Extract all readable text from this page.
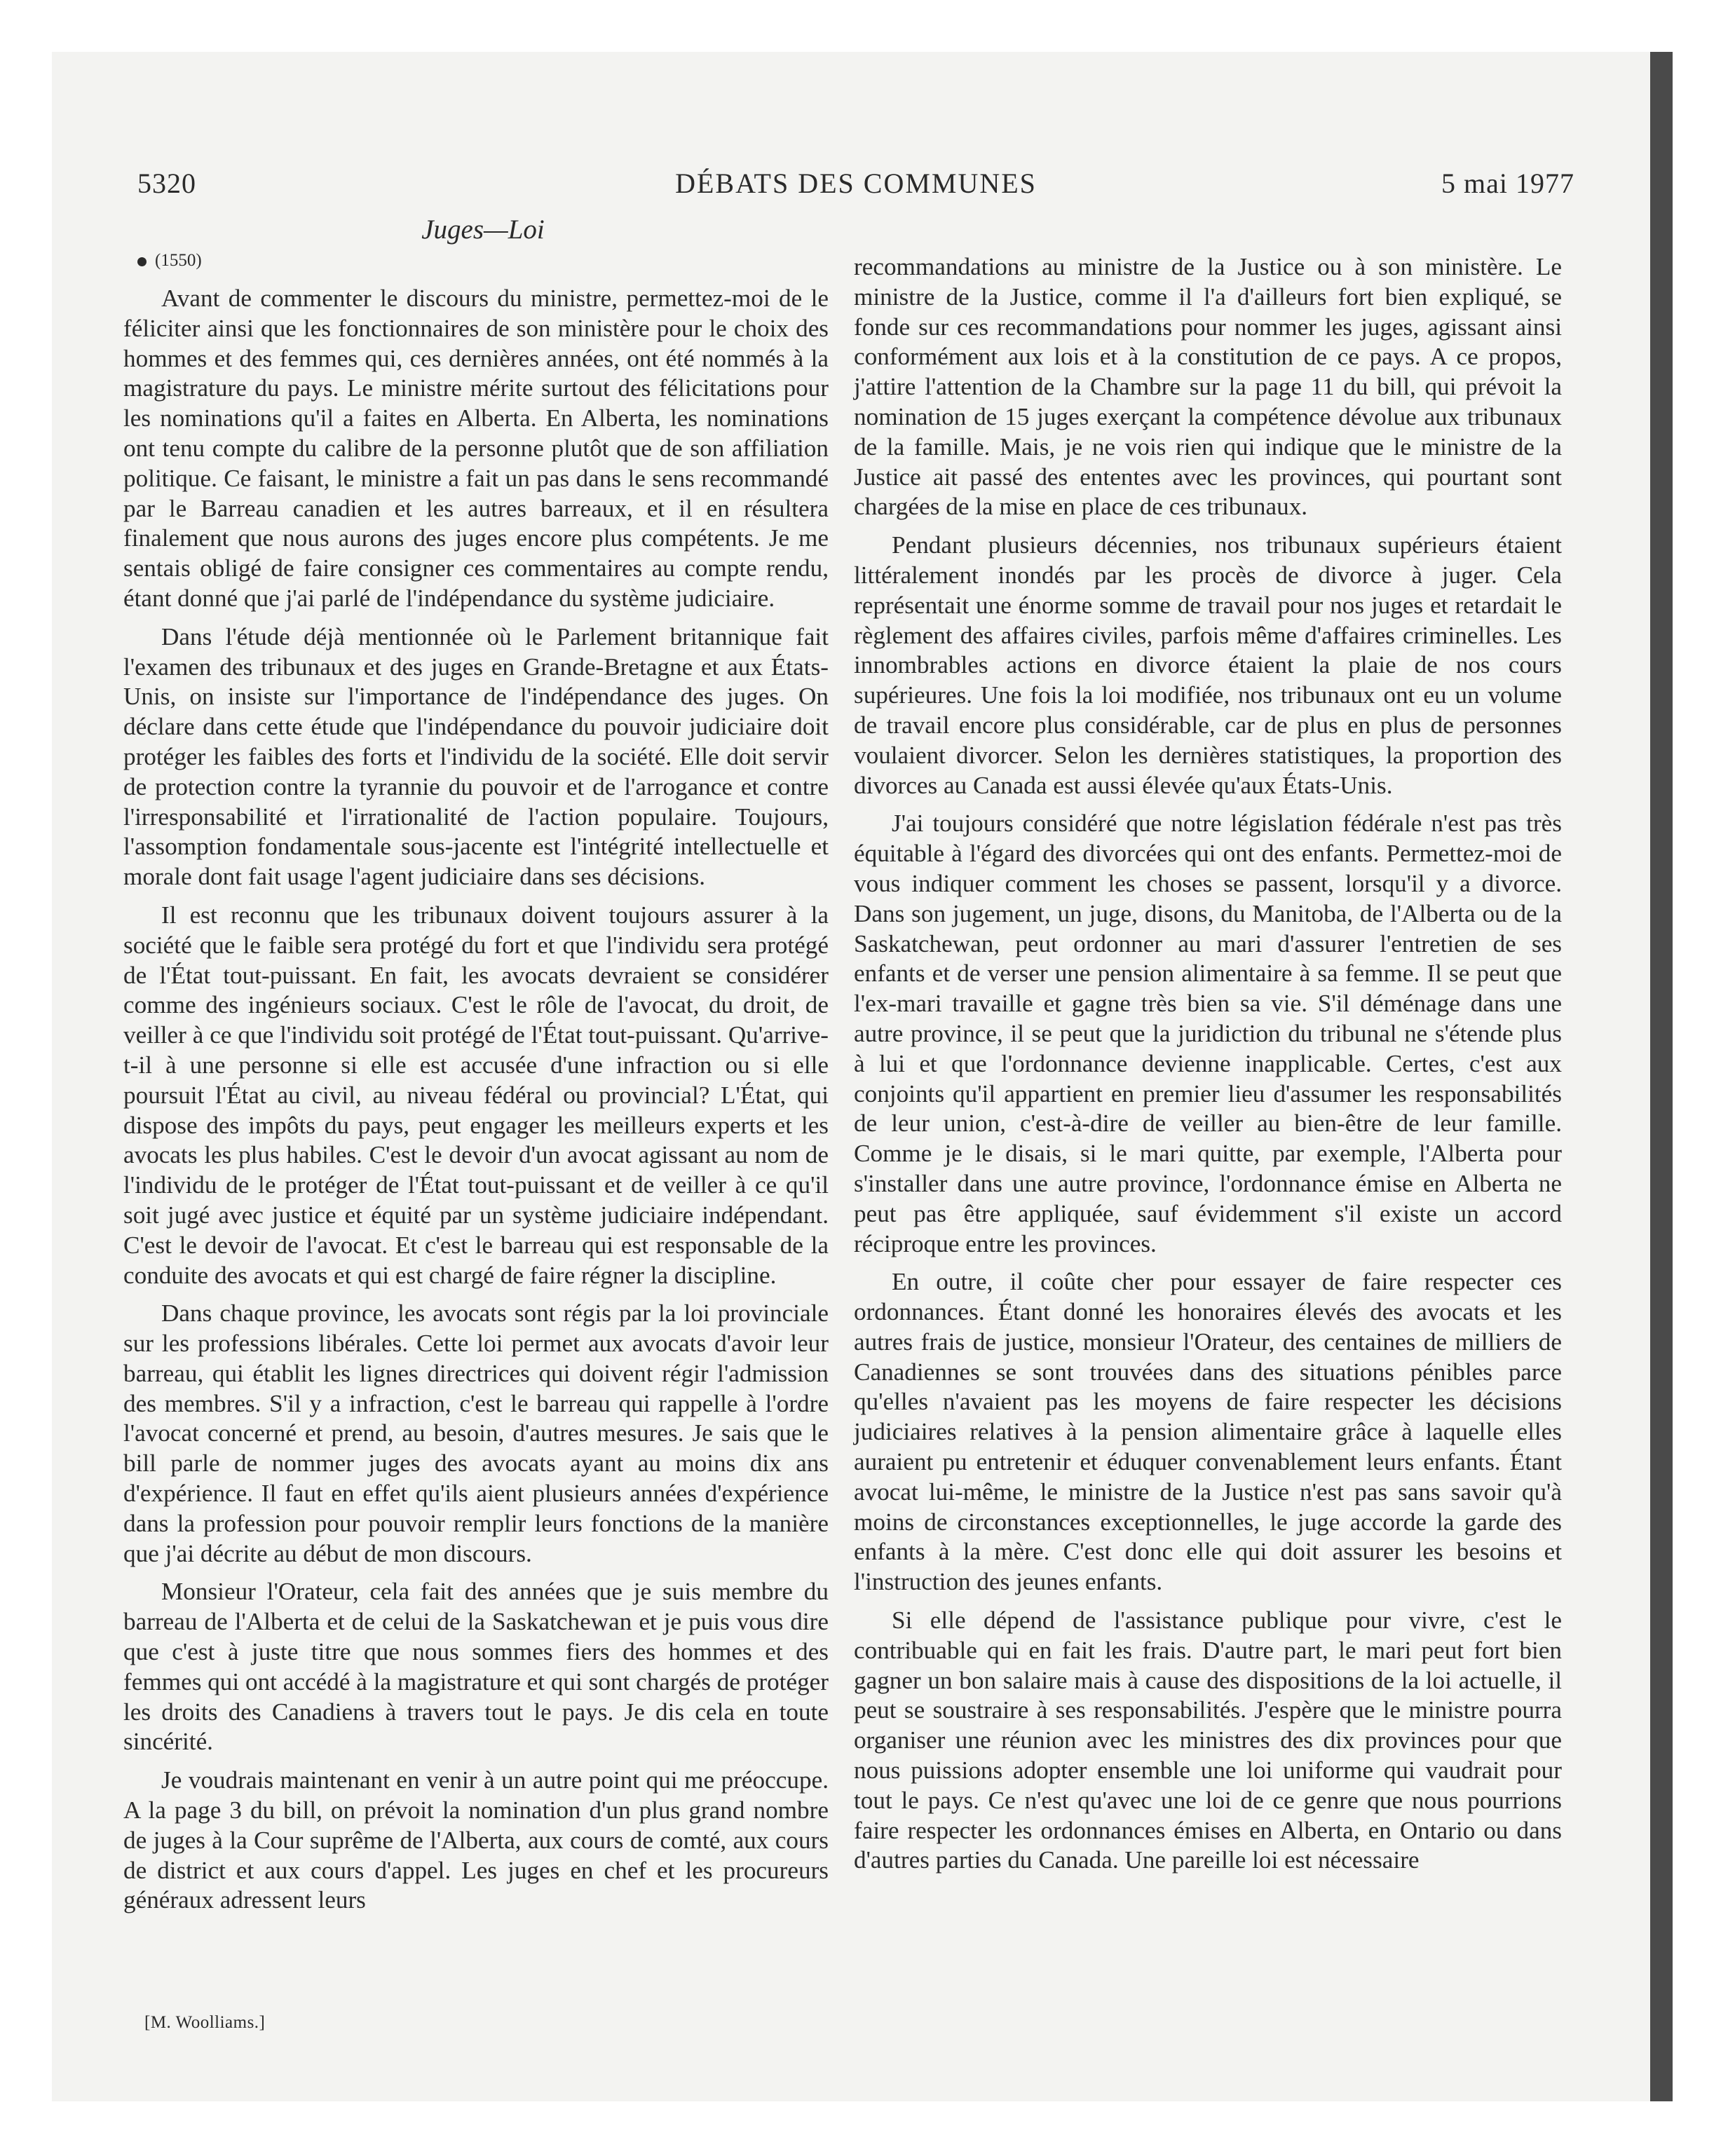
5320	DÉBATS DES COMMUNES	5 mai 1977
Juges—Loi
(1550)

Avant de commenter le discours du ministre, permettez-moi de le féliciter ainsi que les fonctionnaires de son ministère pour le choix des hommes et des femmes qui, ces dernières années, ont été nommés à la magistrature du pays. Le ministre mérite surtout des félicitations pour les nominations qu'il a faites en Alberta. En Alberta, les nominations ont tenu compte du calibre de la personne plutôt que de son affiliation politique. Ce faisant, le ministre a fait un pas dans le sens recommandé par le Barreau canadien et les autres barreaux, et il en résultera finalement que nous aurons des juges encore plus compétents. Je me sentais obligé de faire consigner ces commentaires au compte rendu, étant donné que j'ai parlé de l'indépendance du système judiciaire.

Dans l'étude déjà mentionnée où le Parlement britannique fait l'examen des tribunaux et des juges en Grande-Bretagne et aux États-Unis, on insiste sur l'importance de l'indépendance des juges. On déclare dans cette étude que l'indépendance du pouvoir judiciaire doit protéger les faibles des forts et l'individu de la société. Elle doit servir de protection contre la tyrannie du pouvoir et de l'arrogance et contre l'irresponsabilité et l'irrationalité de l'action populaire. Toujours, l'assomption fondamentale sous-jacente est l'intégrité intellectuelle et morale dont fait usage l'agent judiciaire dans ses décisions.

Il est reconnu que les tribunaux doivent toujours assurer à la société que le faible sera protégé du fort et que l'individu sera protégé de l'État tout-puissant. En fait, les avocats devraient se considérer comme des ingénieurs sociaux. C'est le rôle de l'avocat, du droit, de veiller à ce que l'individu soit protégé de l'État tout-puissant. Qu'arrive-t-il à une personne si elle est accusée d'une infraction ou si elle poursuit l'État au civil, au niveau fédéral ou provincial? L'État, qui dispose des impôts du pays, peut engager les meilleurs experts et les avocats les plus habiles. C'est le devoir d'un avocat agissant au nom de l'individu de le protéger de l'État tout-puissant et de veiller à ce qu'il soit jugé avec justice et équité par un système judiciaire indépendant. C'est le devoir de l'avocat. Et c'est le barreau qui est responsable de la conduite des avocats et qui est chargé de faire régner la discipline.

Dans chaque province, les avocats sont régis par la loi provinciale sur les professions libérales. Cette loi permet aux avocats d'avoir leur barreau, qui établit les lignes directrices qui doivent régir l'admission des membres. S'il y a infraction, c'est le barreau qui rappelle à l'ordre l'avocat concerné et prend, au besoin, d'autres mesures. Je sais que le bill parle de nommer juges des avocats ayant au moins dix ans d'expérience. Il faut en effet qu'ils aient plusieurs années d'expérience dans la profession pour pouvoir remplir leurs fonctions de la manière que j'ai décrite au début de mon discours.

Monsieur l'Orateur, cela fait des années que je suis membre du barreau de l'Alberta et de celui de la Saskatchewan et je puis vous dire que c'est à juste titre que nous sommes fiers des hommes et des femmes qui ont accédé à la magistrature et qui sont chargés de protéger les droits des Canadiens à travers tout le pays. Je dis cela en toute sincérité.

Je voudrais maintenant en venir à un autre point qui me préoccupe. A la page 3 du bill, on prévoit la nomination d'un plus grand nombre de juges à la Cour suprême de l'Alberta, aux cours de comté, aux cours de district et aux cours d'appel. Les juges en chef et les procureurs généraux adressent leurs

recommandations au ministre de la Justice ou à son ministère. Le ministre de la Justice, comme il l'a d'ailleurs fort bien expliqué, se fonde sur ces recommandations pour nommer les juges, agissant ainsi conformément aux lois et à la constitution de ce pays. A ce propos, j'attire l'attention de la Chambre sur la page 11 du bill, qui prévoit la nomination de 15 juges exerçant la compétence dévolue aux tribunaux de la famille. Mais, je ne vois rien qui indique que le ministre de la Justice ait passé des ententes avec les provinces, qui pourtant sont chargées de la mise en place de ces tribunaux.

Pendant plusieurs décennies, nos tribunaux supérieurs étaient littéralement inondés par les procès de divorce à juger. Cela représentait une énorme somme de travail pour nos juges et retardait le règlement des affaires civiles, parfois même d'affaires criminelles. Les innombrables actions en divorce étaient la plaie de nos cours supérieures. Une fois la loi modifiée, nos tribunaux ont eu un volume de travail encore plus considérable, car de plus en plus de personnes voulaient divorcer. Selon les dernières statistiques, la proportion des divorces au Canada est aussi élevée qu'aux États-Unis.

J'ai toujours considéré que notre législation fédérale n'est pas très équitable à l'égard des divorcées qui ont des enfants. Permettez-moi de vous indiquer comment les choses se passent, lorsqu'il y a divorce. Dans son jugement, un juge, disons, du Manitoba, de l'Alberta ou de la Saskatchewan, peut ordonner au mari d'assurer l'entretien de ses enfants et de verser une pension alimentaire à sa femme. Il se peut que l'ex-mari travaille et gagne très bien sa vie. S'il déménage dans une autre province, il se peut que la juridiction du tribunal ne s'étende plus à lui et que l'ordonnance devienne inapplicable. Certes, c'est aux conjoints qu'il appartient en premier lieu d'assumer les responsabilités de leur union, c'est-à-dire de veiller au bien-être de leur famille. Comme je le disais, si le mari quitte, par exemple, l'Alberta pour s'installer dans une autre province, l'ordonnance émise en Alberta ne peut pas être appliquée, sauf évidemment s'il existe un accord réciproque entre les provinces.

En outre, il coûte cher pour essayer de faire respecter ces ordonnances. Étant donné les honoraires élevés des avocats et les autres frais de justice, monsieur l'Orateur, des centaines de milliers de Canadiennes se sont trouvées dans des situations pénibles parce qu'elles n'avaient pas les moyens de faire respecter les décisions judiciaires relatives à la pension alimentaire grâce à laquelle elles auraient pu entretenir et éduquer convenablement leurs enfants. Étant avocat lui-même, le ministre de la Justice n'est pas sans savoir qu'à moins de circonstances exceptionnelles, le juge accorde la garde des enfants à la mère. C'est donc elle qui doit assurer les besoins et l'instruction des jeunes enfants.

Si elle dépend de l'assistance publique pour vivre, c'est le contribuable qui en fait les frais. D'autre part, le mari peut fort bien gagner un bon salaire mais à cause des dispositions de la loi actuelle, il peut se soustraire à ses responsabilités. J'espère que le ministre pourra organiser une réunion avec les ministres des dix provinces pour que nous puissions adopter ensemble une loi uniforme qui vaudrait pour tout le pays. Ce n'est qu'avec une loi de ce genre que nous pourrions faire respecter les ordonnances émises en Alberta, en Ontario ou dans d'autres parties du Canada. Une pareille loi est nécessaire

[M. Woolliams.]
